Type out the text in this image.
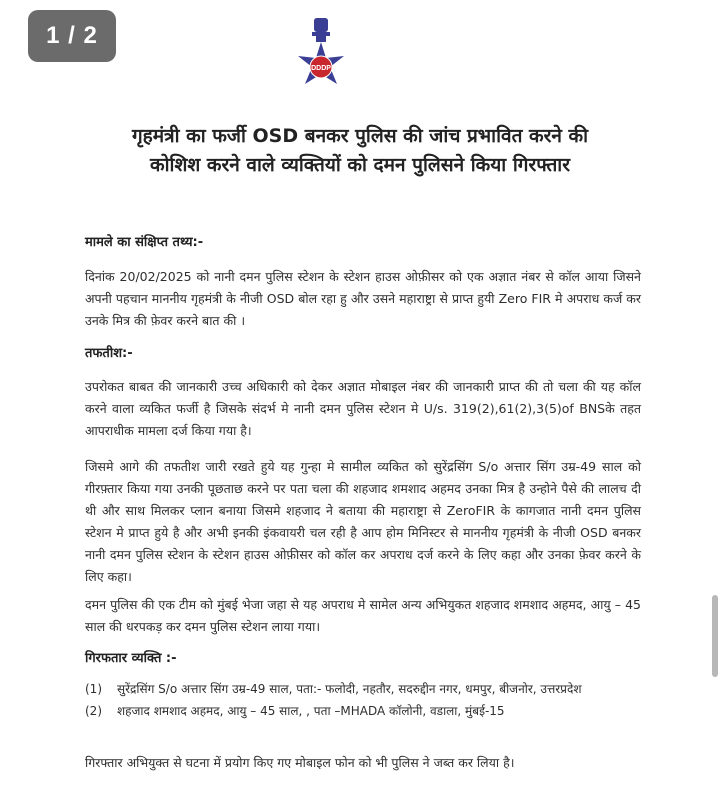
1 / 2
DDDP
गृहमंत्री का फर्जी OSD बनकर पुलिस की जांच प्रभावित करने की
कोशिश करने वाले व्यक्तियों को दमन पुलिसने किया गिरफ्तार
मामले का संक्षिप्त तथ्य:-
दिनांक 20/02/2025 को नानी दमन पुलिस स्टेशन के स्टेशन हाउस ओफ़ीसर को एक अज्ञात नंबर से कॉल आया जिसने अपनी पहचान माननीय गृहमंत्री के नीजी OSD बोल रहा हु और उसने महाराष्ट्रा से प्राप्त हुयी Zero FIR मे अपराध कर्ज कर उनके मित्र की फ़ेवर करने बात की ।
तफतीश:-
उपरोकत बाबत की जानकारी उच्च अधिकारी को देकर अज्ञात मोबाइल नंबर की जानकारी प्राप्त की तो चला की यह कॉल करने वाला व्यकित फर्जी है जिसके संदर्भ मे नानी दमन पुलिस स्टेशन मे U/s. 319(2),61(2),3(5)of BNSके तहत आपराधीक मामला दर्ज किया गया है।
जिसमे आगे की तफतीश जारी रखते हुये यह गुन्हा मे सामील व्यकित को सुरेंद्रसिंग S/o अत्तार सिंग उम्र-49 साल को गीरफ़्तार किया गया उनकी पूछताछ करने पर पता चला की शहजाद शमशाद अहमद उनका मित्र है उन्होने पैसे की लालच दी थी और साथ मिलकर प्लान बनाया जिसमे शहजाद ने बताया की महाराष्ट्रा से ZeroFIR के कागजात नानी दमन पुलिस स्टेशन मे प्राप्त हुये है और अभी इनकी इंकवायरी चल रही है आप होम मिनिस्टर से माननीय गृहमंत्री के नीजी OSD बनकर नानी दमन पुलिस स्टेशन के स्टेशन हाउस ओफ़ीसर को कॉल कर अपराध दर्ज करने के लिए कहा और उनका फ़ेवर करने के लिए कहा।
दमन पुलिस की एक टीम को मुंबई भेजा जहा से यह अपराध मे सामेल अन्य अभियुकत शहजाद शमशाद अहमद, आयु – 45 साल की धरपकड़ कर दमन पुलिस स्टेशन लाया गया।
गिरफतार व्यक्ति :-
(1) सुरेंद्रसिंग S/o अत्तार सिंग उम्र-49 साल, पता:- फलोदी, नहतौर, सदरुद्दीन नगर, धमपुर, बीजनोर, उत्तरप्रदेश
(2) शहजाद शमशाद अहमद, आयु – 45 साल, , पता –MHADA कॉलोनी, वडाला, मुंबई-15
गिरफ्तार अभियुक्त से घटना में प्रयोग किए गए मोबाइल फोन को भी पुलिस ने जब्त कर लिया है।
